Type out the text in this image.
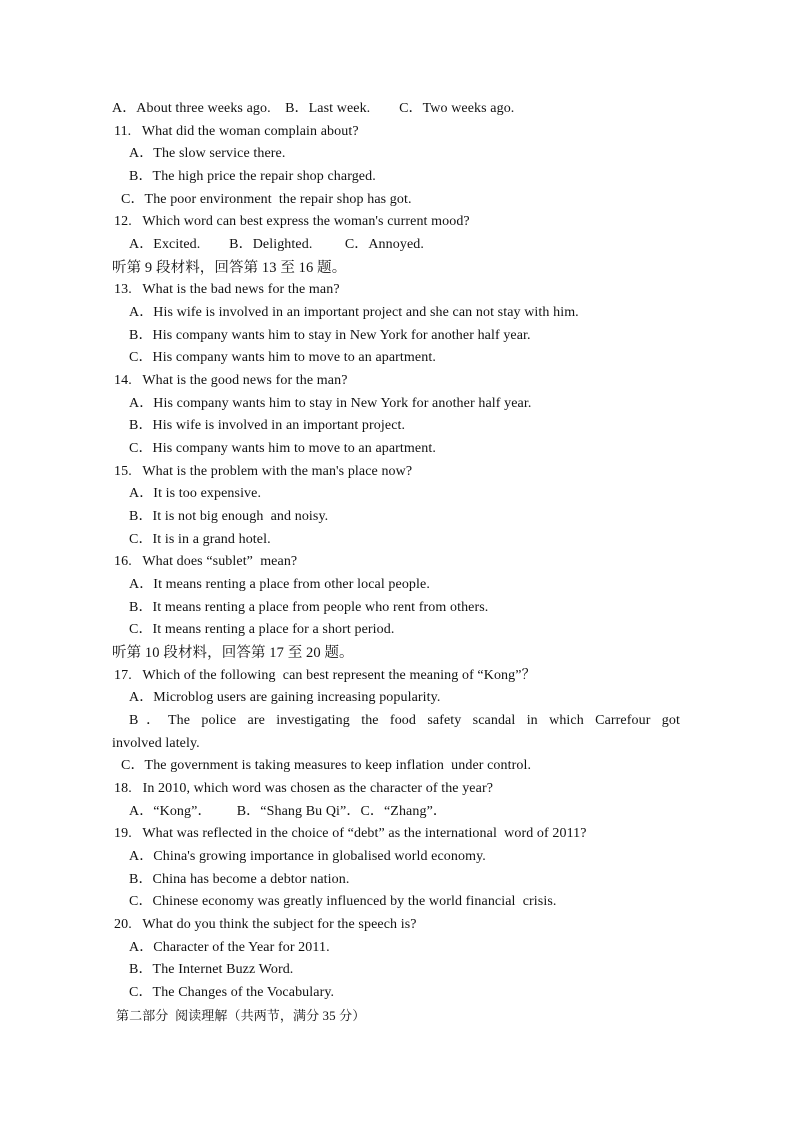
A．About three weeks ago.    B．Last week.        C．Two weeks ago.
11.   What did the woman complain about?
A．The slow service there.
B．The high price the repair shop charged.
C．The poor environment  the repair shop has got.
12.   Which word can best express the woman's current mood?
A．Excited.        B．Delighted.         C．Annoyed.
听第 9 段材料，回答第 13 至 16 题。
13.   What is the bad news for the man?
A．His wife is involved in an important project and she can not stay with him.
B．His company wants him to stay in New York for another half year.
C．His company wants him to move to an apartment.
14.   What is the good news for the man?
A．His company wants him to stay in New York for another half year.
B．His wife is involved in an important project.
C．His company wants him to move to an apartment.
15.   What is the problem with the man's place now?
A．It is too expensive.
B．It is not big enough  and noisy.
C．It is in a grand hotel.
16.   What does “sublet”  mean?
A．It means renting a place from other local people.
B．It means renting a place from people who rent from others.
C．It means renting a place for a short period.
听第 10 段材料，回答第 17 至 20 题。
17.   Which of the following  can best represent the meaning of “Kong”？
A．Microblog users are gaining increasing popularity.
B．The police are investigating the food safety scandal in which Carrefour got
involved lately.
C．The government is taking measures to keep inflation  under control.
18.   In 2010, which word was chosen as the character of the year?
A．“Kong”．       B．“Shang Bu Qi”．C．“Zhang”．
19.   What was reflected in the choice of “debt” as the international  word of 2011?
A．China's growing importance in globalised world economy.
B．China has become a debtor nation.
C．Chinese economy was greatly influenced by the world financial  crisis.
20.   What do you think the subject for the speech is?
A．Character of the Year for 2011.
B．The Internet Buzz Word.
C．The Changes of the Vocabulary.
第二部分  阅读理解（共两节，满分 35 分）
